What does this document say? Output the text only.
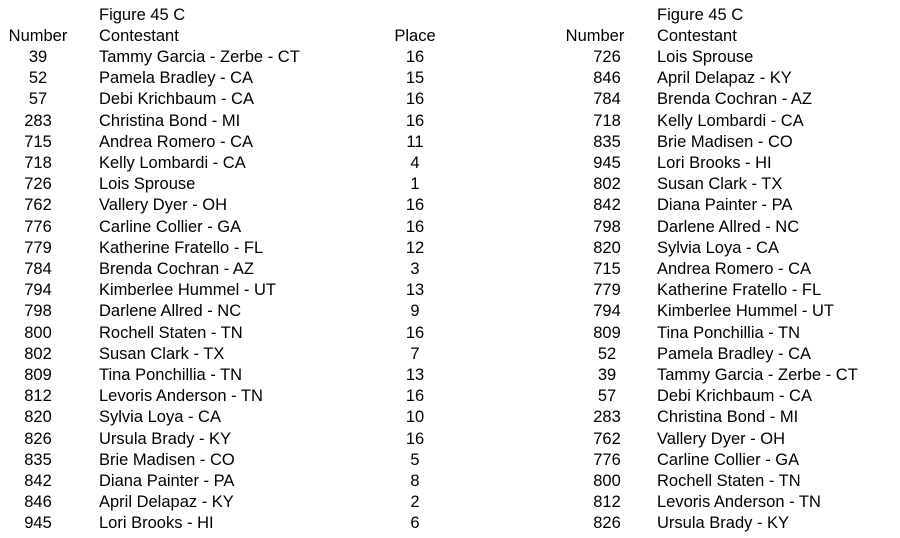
Figure 45 C
Number	Contestant	Place
39	Tammy Garcia - Zerbe - CT	16
52	Pamela Bradley - CA	15
57	Debi Krichbaum - CA	16
283	Christina Bond - MI	16
715	Andrea Romero - CA	11
718	Kelly Lombardi - CA	4
726	Lois Sprouse	1
762	Vallery Dyer - OH	16
776	Carline Collier - GA	16
779	Katherine Fratello - FL	12
784	Brenda Cochran - AZ	3
794	Kimberlee Hummel - UT	13
798	Darlene Allred - NC	9
800	Rochell Staten - TN	16
802	Susan Clark - TX	7
809	Tina Ponchillia - TN	13
812	Levoris Anderson - TN	16
820	Sylvia Loya - CA	10
826	Ursula Brady - KY	16
835	Brie Madisen - CO	5
842	Diana Painter - PA	8
846	April Delapaz - KY	2
945	Lori Brooks - HI	6
Figure 45 C
Number	Contestant
726	Lois Sprouse
846	April Delapaz - KY
784	Brenda Cochran - AZ
718	Kelly Lombardi - CA
835	Brie Madisen - CO
945	Lori Brooks - HI
802	Susan Clark - TX
842	Diana Painter - PA
798	Darlene Allred - NC
820	Sylvia Loya - CA
715	Andrea Romero - CA
779	Katherine Fratello - FL
794	Kimberlee Hummel - UT
809	Tina Ponchillia - TN
52	Pamela Bradley - CA
39	Tammy Garcia - Zerbe - CT
57	Debi Krichbaum - CA
283	Christina Bond - MI
762	Vallery Dyer - OH
776	Carline Collier - GA
800	Rochell Staten - TN
812	Levoris Anderson - TN
826	Ursula Brady - KY
